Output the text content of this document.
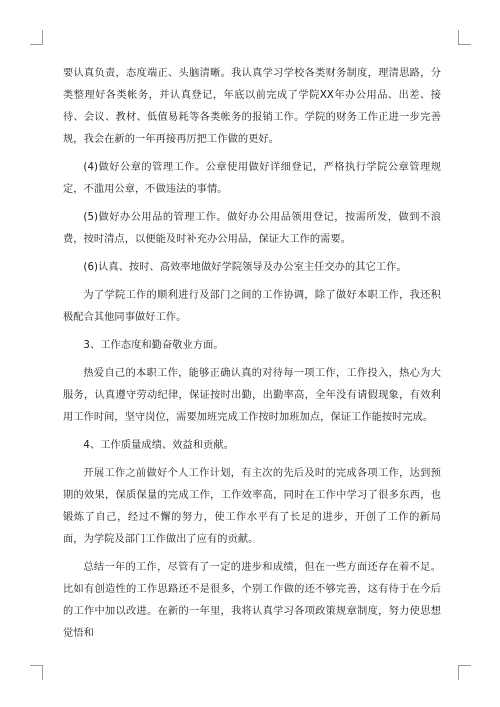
要认真负责，态度端正、头脑清晰。我认真学习学校各类财务制度，理清思路，分类整理好各类帐务，并认真登记，年底以前完成了学院XX年办公用品、出差、接待、会议、教材、低值易耗等各类帐务的报销工作。学院的财务工作正进一步完善规，我会在新的一年再接再厉把工作做的更好。

(4)做好公章的管理工作。公章使用做好详细登记，严格执行学院公章管理规定，不滥用公章，不做违法的事情。

(5)做好办公用品的管理工作。做好办公用品领用登记，按需所发，做到不浪费，按时清点，以便能及时补充办公用品，保证大工作的需要。

(6)认真、按时、高效率地做好学院领导及办公室主任交办的其它工作。

为了学院工作的顺利进行及部门之间的工作协调，除了做好本职工作，我还积极配合其他同事做好工作。

3、工作态度和勤奋敬业方面。

热爱自己的本职工作，能够正确认真的对待每一项工作，工作投入，热心为大服务，认真遵守劳动纪律，保证按时出勤，出勤率高，全年没有请假现象，有效利用工作时间，坚守岗位，需要加班完成工作按时加班加点，保证工作能按时完成。

4、工作质量成绩、效益和贡献。

开展工作之前做好个人工作计划，有主次的先后及时的完成各项工作，达到预期的效果，保质保量的完成工作，工作效率高，同时在工作中学习了很多东西，也锻炼了自己，经过不懈的努力，使工作水平有了长足的进步，开创了工作的新局面，为学院及部门工作做出了应有的贡献。

总结一年的工作，尽管有了一定的进步和成绩，但在一些方面还存在着不足。比如有创造性的工作思路还不是很多，个别工作做的还不够完善，这有待于在今后的工作中加以改进。在新的一年里，我将认真学习各项政策规章制度，努力使思想觉悟和
